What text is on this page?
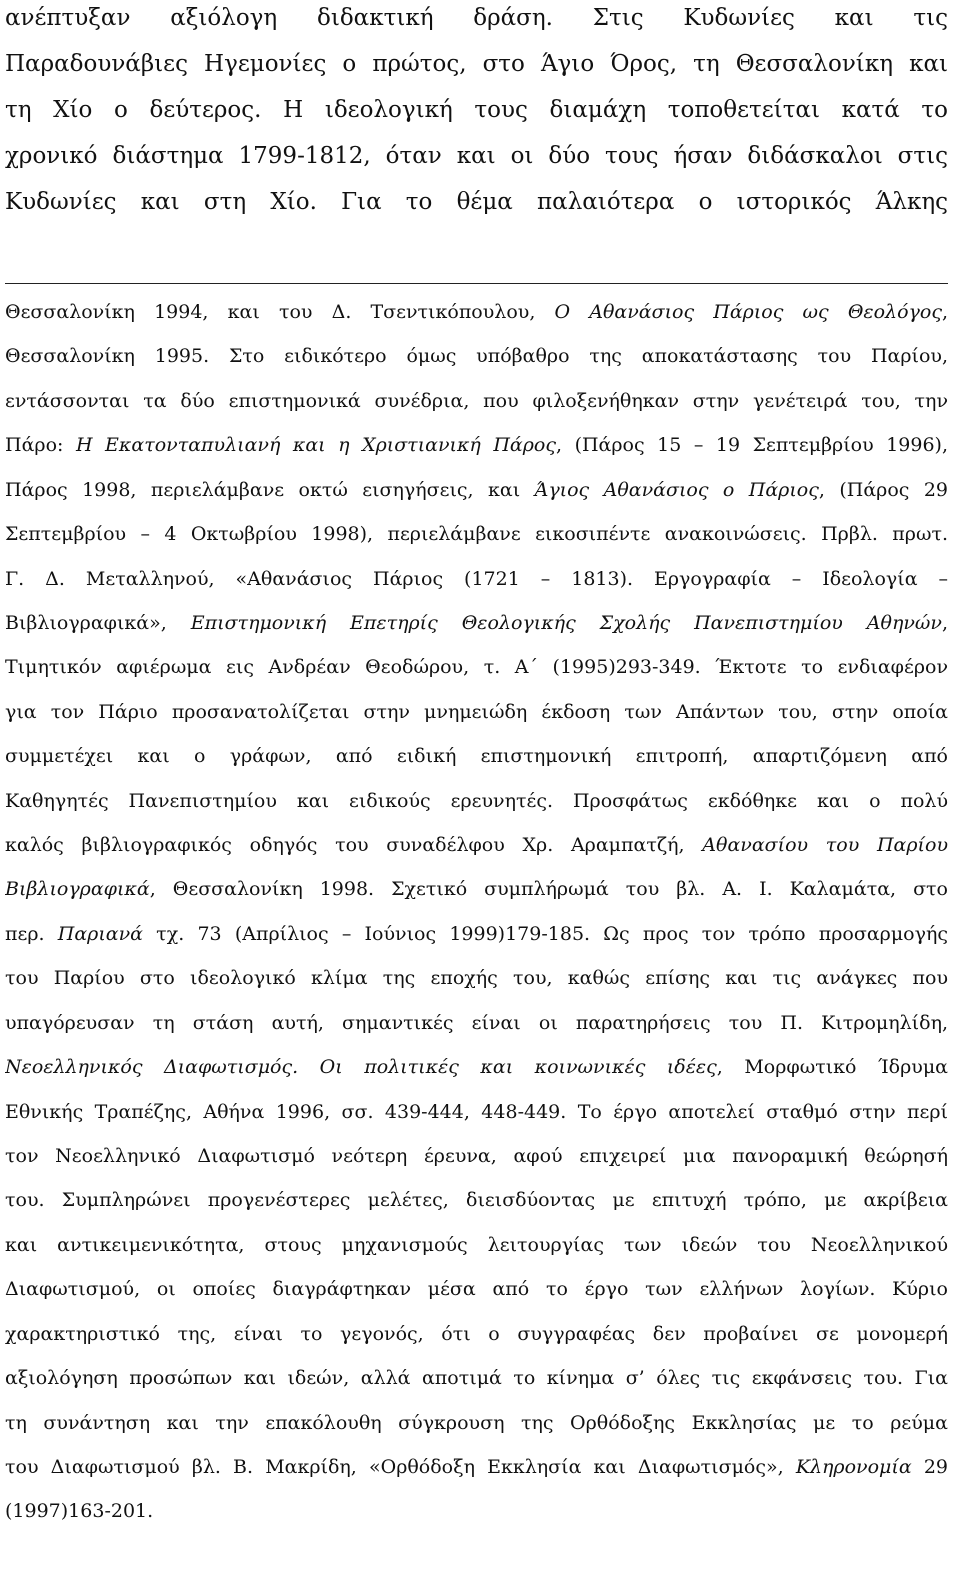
ανέπτυξαν αξιόλογη διδακτική δράση. Στις Κυδωνίες και τις
Παραδουνάβιες Ηγεμονίες ο πρώτος, στο Άγιο Όρος, τη Θεσσαλονίκη και
τη Χίο ο δεύτερος. Η ιδεολογική τους διαμάχη τοποθετείται κατά το
χρονικό διάστημα 1799-1812, όταν και οι δύο τους ήσαν διδάσκαλοι στις
Κυδωνίες και στη Χίο. Για το θέμα παλαιότερα ο ιστορικός Άλκης
Θεσσαλονίκη 1994, και του Δ. Τσεντικόπουλου, Ο Αθανάσιος Πάριος ως Θεολόγος,
Θεσσαλονίκη 1995. Στο ειδικότερο όμως υπόβαθρο της αποκατάστασης του Παρίου,
εντάσσονται τα δύο επιστημονικά συνέδρια, που φιλοξενήθηκαν στην γενέτειρά του, την
Πάρο: Η Εκατονταπυλιανή και η Χριστιανική Πάρος, (Πάρος 15 – 19 Σεπτεμβρίου 1996),
Πάρος 1998, περιελάμβανε οκτώ εισηγήσεις, και Άγιος Αθανάσιος ο Πάριος, (Πάρος 29
Σεπτεμβρίου – 4 Οκτωβρίου 1998), περιελάμβανε εικοσιπέντε ανακοινώσεις. Πρβλ. πρωτ.
Γ. Δ. Μεταλληνού, «Αθανάσιος Πάριος (1721 – 1813). Εργογραφία – Ιδεολογία –
Βιβλιογραφικά», Επιστημονική Επετηρίς Θεολογικής Σχολής Πανεπιστημίου Αθηνών,
Τιμητικόν αφιέρωμα εις Ανδρέαν Θεοδώρου, τ. Α΄ (1995)293-349. Έκτοτε το ενδιαφέρον
για τον Πάριο προσανατολίζεται στην μνημειώδη έκδοση των Απάντων του, στην οποία
συμμετέχει και ο γράφων, από ειδική επιστημονική επιτροπή, απαρτιζόμενη από
Καθηγητές Πανεπιστημίου και ειδικούς ερευνητές. Προσφάτως εκδόθηκε και ο πολύ
καλός βιβλιογραφικός οδηγός του συναδέλφου Χρ. Αραμπατζή, Αθανασίου του Παρίου
Βιβλιογραφικά, Θεσσαλονίκη 1998. Σχετικό συμπλήρωμά του βλ. Α. Ι. Καλαμάτα, στο
περ. Παριανά τχ. 73 (Απρίλιος – Ιούνιος 1999)179-185. Ως προς τον τρόπο προσαρμογής
του Παρίου στο ιδεολογικό κλίμα της εποχής του, καθώς επίσης και τις ανάγκες που
υπαγόρευσαν τη στάση αυτή, σημαντικές είναι οι παρατηρήσεις του Π. Κιτρομηλίδη,
Νεοελληνικός Διαφωτισμός. Οι πολιτικές και κοινωνικές ιδέες, Μορφωτικό Ίδρυμα
Εθνικής Τραπέζης, Αθήνα 1996, σσ. 439-444, 448-449. Το έργο αποτελεί σταθμό στην περί
τον Νεοελληνικό Διαφωτισμό νεότερη έρευνα, αφού επιχειρεί μια πανοραμική θεώρησή
του. Συμπληρώνει προγενέστερες μελέτες, διεισδύοντας με επιτυχή τρόπο, με ακρίβεια
και αντικειμενικότητα, στους μηχανισμούς λειτουργίας των ιδεών του Νεοελληνικού
Διαφωτισμού, οι οποίες διαγράφτηκαν μέσα από το έργο των ελλήνων λογίων. Κύριο
χαρακτηριστικό της, είναι το γεγονός, ότι ο συγγραφέας δεν προβαίνει σε μονομερή
αξιολόγηση προσώπων και ιδεών, αλλά αποτιμά το κίνημα σ’ όλες τις εκφάνσεις του. Για
τη συνάντηση και την επακόλουθη σύγκρουση της Ορθόδοξης Εκκλησίας με το ρεύμα
του Διαφωτισμού βλ. Β. Μακρίδη, «Ορθόδοξη Εκκλησία και Διαφωτισμός», Κληρονομία 29
(1997)163-201.
